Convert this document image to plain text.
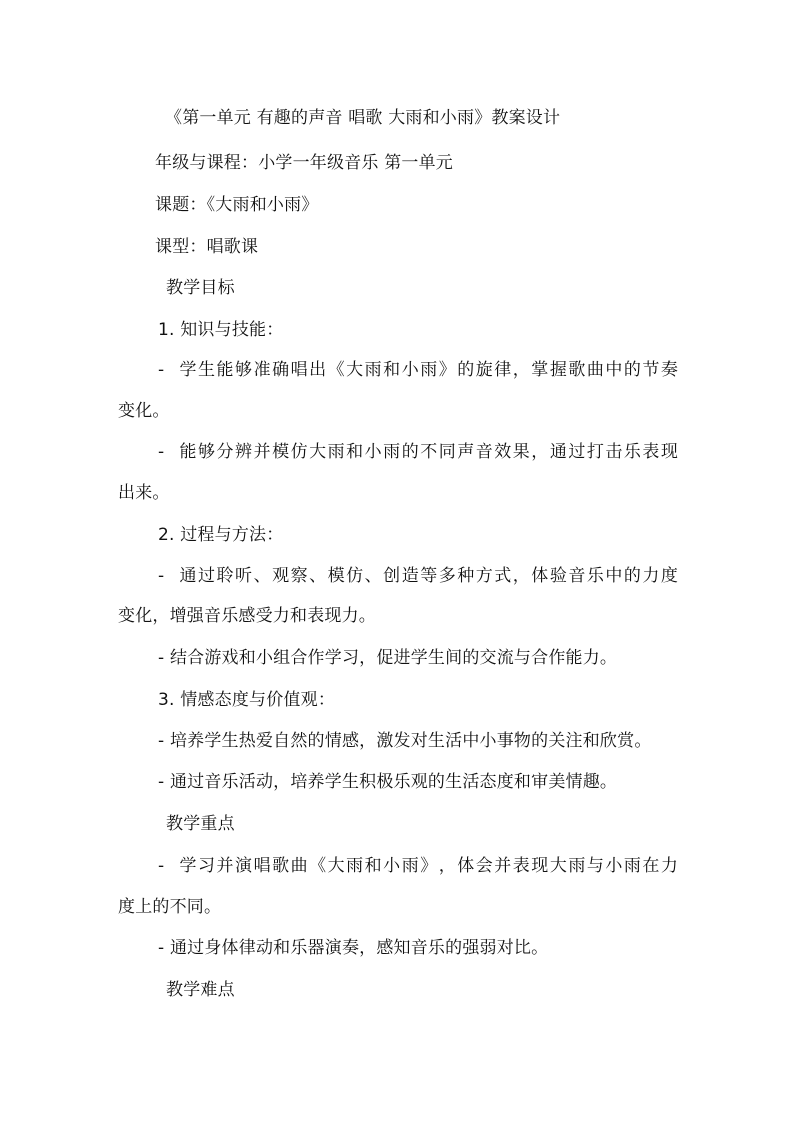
《第一单元 有趣的声音 唱歌 大雨和小雨》教案设计
年级与课程：小学一年级音乐 第一单元
课题：《大雨和小雨》
课型：唱歌课
教学目标
1. 知识与技能：
-

学 生 能 够 准 确 唱 出 《 大 雨 和 小 雨 》 的 旋 律 ， 掌 握 歌 曲 中 的 节 奏
变化。
-

能 够 分 辨 并 模 仿 大 雨 和 小 雨 的 不 同 声 音 效 果 ， 通 过 打 击 乐 表 现
出来。
2. 过程与方法：
-

通 过 聆 听 、 观 察 、 模 仿 、 创 造 等 多 种 方 式 ， 体 验 音 乐 中 的 力 度
变化，增强音乐感受力和表现力。
- 结合游戏和小组合作学习，促进学生间的交流与合作能力。
3. 情感态度与价值观：
- 培养学生热爱自然的情感，激发对生活中小事物的关注和欣赏。
- 通过音乐活动，培养学生积极乐观的生活态度和审美情趣。
教学重点
-

学 习 并 演 唱 歌 曲 《 大 雨 和 小 雨 》 ， 体 会 并 表 现 大 雨 与 小 雨 在 力
度上的不同。
- 通过身体律动和乐器演奏，感知音乐的强弱对比。
教学难点
